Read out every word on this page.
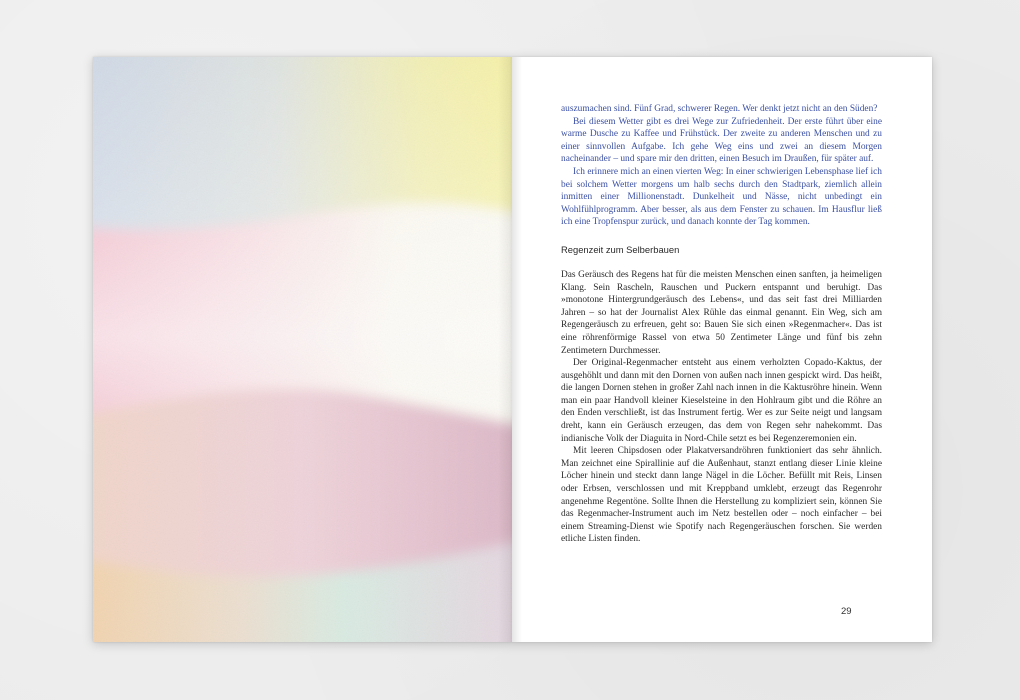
auszumachen sind. Fünf Grad, schwerer Regen. Wer denkt jetzt nicht an den Süden?

Bei diesem Wetter gibt es drei Wege zur Zufriedenheit. Der erste führt über eine warme Dusche zu Kaffee und Frühstück. Der zweite zu anderen Menschen und zu einer sinnvollen Aufgabe. Ich gehe Weg eins und zwei an diesem Morgen nacheinander – und spare mir den dritten, einen Besuch im Draußen, für später auf.

Ich erinnere mich an einen vierten Weg: In einer schwierigen Lebensphase lief ich bei solchem Wetter morgens um halb sechs durch den Stadtpark, ziemlich allein inmitten einer Millionenstadt. Dunkelheit und Nässe, nicht unbedingt ein Wohlfühlprogramm. Aber besser, als aus dem Fenster zu schauen. Im Hausflur ließ ich eine Tropfenspur zurück, und danach konnte der Tag kommen.

Regenzeit zum Selberbauen

Das Geräusch des Regens hat für die meisten Menschen einen sanften, ja heimeligen Klang. Sein Rascheln, Rauschen und Puckern entspannt und beruhigt. Das »monotone Hintergrundgeräusch des Lebens«, und das seit fast drei Milliarden Jahren – so hat der Journalist Alex Rühle das einmal genannt. Ein Weg, sich am Regengeräusch zu erfreuen, geht so: Bauen Sie sich einen »Regenmacher«. Das ist eine röhrenförmige Rassel von etwa 50 Zentimeter Länge und fünf bis zehn Zentimetern Durchmesser.

Der Original-Regenmacher entsteht aus einem verholzten Copado-Kaktus, der ausgehöhlt und dann mit den Dornen von außen nach innen gespickt wird. Das heißt, die langen Dornen stehen in großer Zahl nach innen in die Kaktusröhre hinein. Wenn man ein paar Handvoll kleiner Kieselsteine in den Hohlraum gibt und die Röhre an den Enden verschließt, ist das Instrument fertig. Wer es zur Seite neigt und langsam dreht, kann ein Geräusch erzeugen, das dem von Regen sehr nahekommt. Das indianische Volk der Diaguita in Nord-Chile setzt es bei Regenzeremonien ein.

Mit leeren Chipsdosen oder Plakatversandröhren funktioniert das sehr ähnlich. Man zeichnet eine Spirallinie auf die Außenhaut, stanzt entlang dieser Linie kleine Löcher hinein und steckt dann lange Nägel in die Löcher. Befüllt mit Reis, Linsen oder Erbsen, verschlossen und mit Kreppband umklebt, erzeugt das Regenrohr angenehme Regentöne. Sollte Ihnen die Herstellung zu kompliziert sein, können Sie das Regenmacher-Instrument auch im Netz bestellen oder – noch einfacher – bei einem Streaming-Dienst wie Spotify nach Regengeräuschen forschen. Sie werden etliche Listen finden.

29
